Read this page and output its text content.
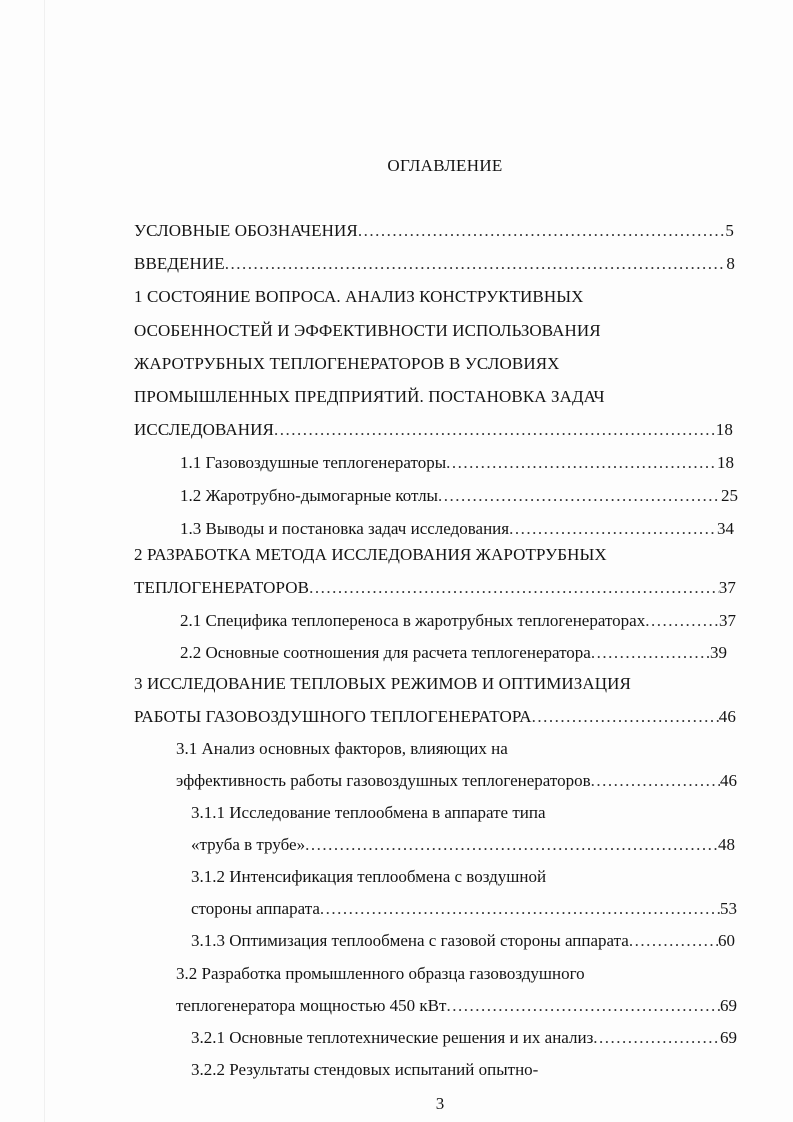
ОГЛАВЛЕНИЕ
УСЛОВНЫЕ ОБОЗНАЧЕНИЯ .....	5
ВВЕДЕНИЕ .....	8
1 СОСТОЯНИЕ ВОПРОСА. АНАЛИЗ КОНСТРУКТИВНЫХ
ОСОБЕННОСТЕЙ И ЭФФЕКТИВНОСТИ ИСПОЛЬЗОВАНИЯ
ЖАРОТРУБНЫХ ТЕПЛОГЕНЕРАТОРОВ В УСЛОВИЯХ
ПРОМЫШЛЕННЫХ ПРЕДПРИЯТИЙ. ПОСТАНОВКА ЗАДАЧ
ИССЛЕДОВАНИЯ .....	18
1.1 Газовоздушные теплогенераторы .....	18
1.2 Жаротрубно-дымогарные котлы .....	25
1.3 Выводы и постановка задач исследования .....	34
2 РАЗРАБОТКА МЕТОДА ИССЛЕДОВАНИЯ ЖАРОТРУБНЫХ
ТЕПЛОГЕНЕРАТОРОВ .....	37
2.1 Специфика теплопереноса в жаротрубных теплогенераторах .....	37
2.2 Основные соотношения для расчета теплогенератора .....	39
3 ИССЛЕДОВАНИЕ ТЕПЛОВЫХ РЕЖИМОВ И ОПТИМИЗАЦИЯ
РАБОТЫ ГАЗОВОЗДУШНОГО ТЕПЛОГЕНЕРАТОРА .....	46
3.1 Анализ основных факторов, влияющих на
эффективность работы газовоздушных теплогенераторов .....	46
3.1.1 Исследование теплообмена в аппарате типа
«труба в трубе» .....	48
3.1.2 Интенсификация теплообмена с воздушной
стороны аппарата .....	53
3.1.3 Оптимизация теплообмена с газовой стороны аппарата .....	60
3.2 Разработка промышленного образца газовоздушного
теплогенератора мощностью 450 кВт .....	69
3.2.1 Основные теплотехнические решения и их анализ .....	69
3.2.2 Результаты стендовых испытаний опытно-
3
